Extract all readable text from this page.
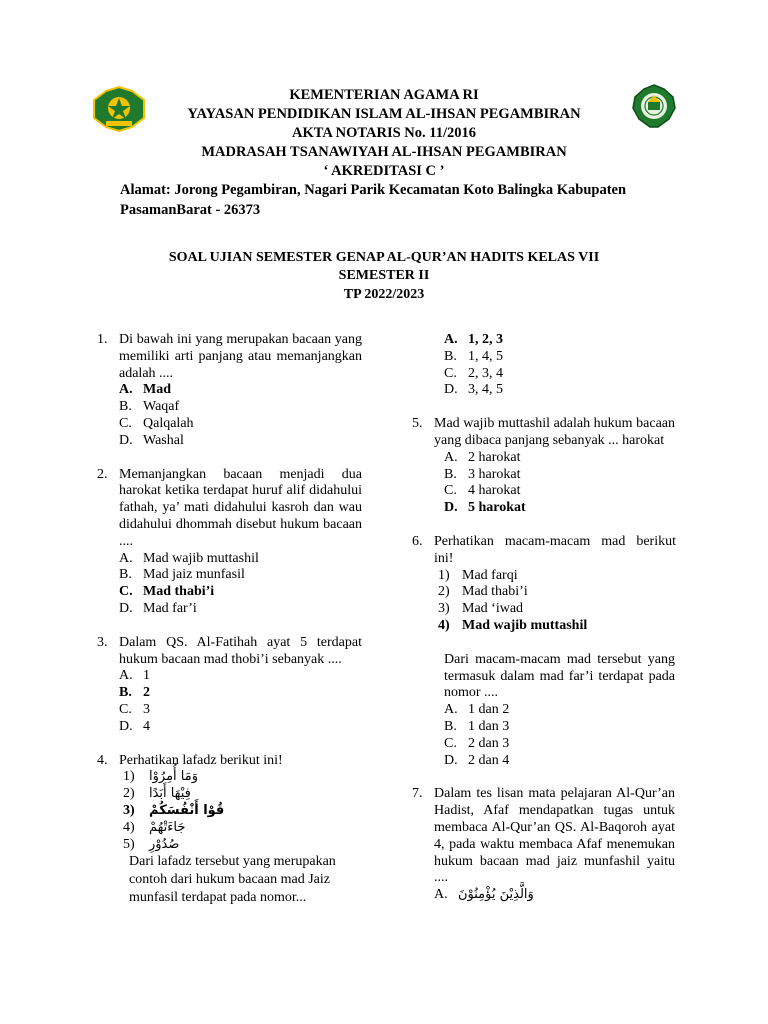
KEMENTERIAN AGAMA RI
YAYASAN PENDIDIKAN ISLAM AL-IHSAN PEGAMBIRAN
AKTA NOTARIS No. 11/2016
MADRASAH TSANAWIYAH AL-IHSAN PEGAMBIRAN
‘ AKREDITASI C ’
Alamat: Jorong Pegambiran, Nagari Parik Kecamatan Koto Balingka Kabupaten
PasamanBarat - 26373
SOAL UJIAN SEMESTER GENAP AL-QUR’AN HADITS KELAS VII
SEMESTER II
TP 2022/2023
1. Di bawah ini yang merupakan bacaan yang memiliki arti panjang atau memanjangkan adalah ....
A. Mad
B. Waqaf
C. Qalqalah
D. Washal
2. Memanjangkan bacaan menjadi dua harokat ketika terdapat huruf alif didahului fathah, ya’ mati didahului kasroh dan wau didahului dhommah disebut hukum bacaan ....
A. Mad wajib muttashil
B. Mad jaiz munfasil
C. Mad thabi’i
D. Mad far’i
3. Dalam QS. Al-Fatihah ayat 5 terdapat hukum bacaan mad thobi’i sebanyak ....
A. 1
B. 2
C. 3
D. 4
4. Perhatikan lafadz berikut ini!
1) وَمَا أُمِرُوْا
2) فِيْهَا أَبَدًا
3) قُوْا أَنْفُسَكُمْ
4) جَاءَتْهُمْ
5) صُدُوْرِ
Dari lafadz tersebut yang merupakan contoh dari hukum bacaan mad Jaiz munfasil terdapat pada nomor...
A. 1, 2, 3
B. 1, 4, 5
C. 2, 3, 4
D. 3, 4, 5
5. Mad wajib muttashil adalah hukum bacaan yang dibaca panjang sebanyak ... harokat
A. 2 harokat
B. 3 harokat
C. 4 harokat
D. 5 harokat
6. Perhatikan macam-macam mad berikut ini!
1) Mad farqi
2) Mad thabi’i
3) Mad ‘iwad
4) Mad wajib muttashil
Dari macam-macam mad tersebut yang termasuk dalam mad far’i terdapat pada nomor ....
A. 1 dan 2
B. 1 dan 3
C. 2 dan 3
D. 2 dan 4
7. Dalam tes lisan mata pelajaran Al-Qur’an Hadist, Afaf mendapatkan tugas untuk membaca Al-Qur’an QS. Al-Baqoroh ayat 4, pada waktu membaca Afaf menemukan hukum bacaan mad jaiz munfashil yaitu ....
A. وَالَّذِيْنَ يُؤْمِنُوْنَ
